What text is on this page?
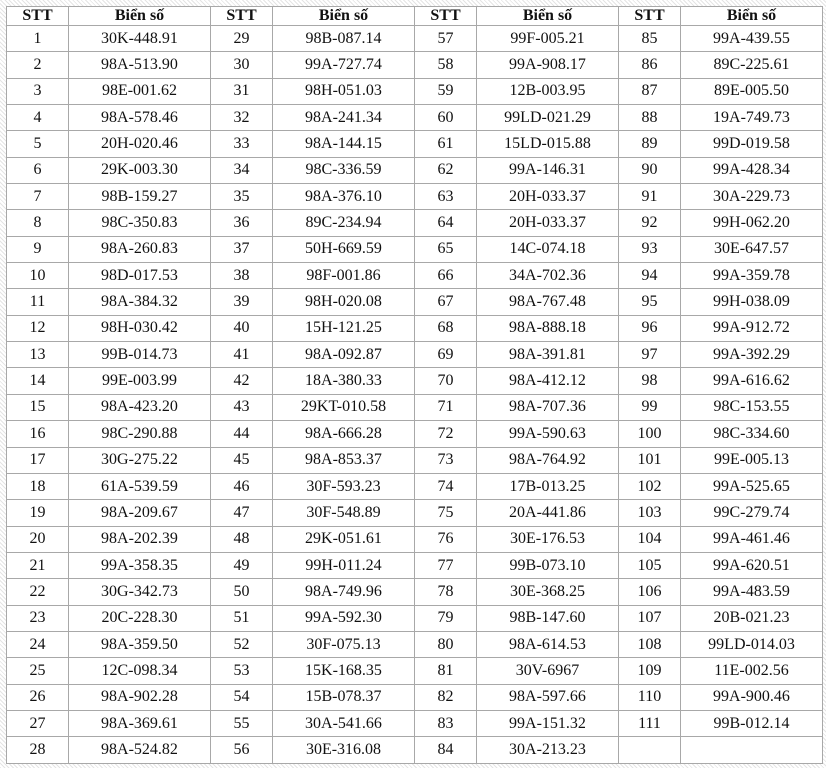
STT	Biển số	STT	Biển số	STT	Biển số	STT	Biển số
1	30K-448.91	29	98B-087.14	57	99F-005.21	85	99A-439.55
2	98A-513.90	30	99A-727.74	58	99A-908.17	86	89C-225.61
3	98E-001.62	31	98H-051.03	59	12B-003.95	87	89E-005.50
4	98A-578.46	32	98A-241.34	60	99LD-021.29	88	19A-749.73
5	20H-020.46	33	98A-144.15	61	15LD-015.88	89	99D-019.58
6	29K-003.30	34	98C-336.59	62	99A-146.31	90	99A-428.34
7	98B-159.27	35	98A-376.10	63	20H-033.37	91	30A-229.73
8	98C-350.83	36	89C-234.94	64	20H-033.37	92	99H-062.20
9	98A-260.83	37	50H-669.59	65	14C-074.18	93	30E-647.57
10	98D-017.53	38	98F-001.86	66	34A-702.36	94	99A-359.78
11	98A-384.32	39	98H-020.08	67	98A-767.48	95	99H-038.09
12	98H-030.42	40	15H-121.25	68	98A-888.18	96	99A-912.72
13	99B-014.73	41	98A-092.87	69	98A-391.81	97	99A-392.29
14	99E-003.99	42	18A-380.33	70	98A-412.12	98	99A-616.62
15	98A-423.20	43	29KT-010.58	71	98A-707.36	99	98C-153.55
16	98C-290.88	44	98A-666.28	72	99A-590.63	100	98C-334.60
17	30G-275.22	45	98A-853.37	73	98A-764.92	101	99E-005.13
18	61A-539.59	46	30F-593.23	74	17B-013.25	102	99A-525.65
19	98A-209.67	47	30F-548.89	75	20A-441.86	103	99C-279.74
20	98A-202.39	48	29K-051.61	76	30E-176.53	104	99A-461.46
21	99A-358.35	49	99H-011.24	77	99B-073.10	105	99A-620.51
22	30G-342.73	50	98A-749.96	78	30E-368.25	106	99A-483.59
23	20C-228.30	51	99A-592.30	79	98B-147.60	107	20B-021.23
24	98A-359.50	52	30F-075.13	80	98A-614.53	108	99LD-014.03
25	12C-098.34	53	15K-168.35	81	30V-6967	109	11E-002.56
26	98A-902.28	54	15B-078.37	82	98A-597.66	110	99A-900.46
27	98A-369.61	55	30A-541.66	83	99A-151.32	111	99B-012.14
28	98A-524.82	56	30E-316.08	84	30A-213.23		
